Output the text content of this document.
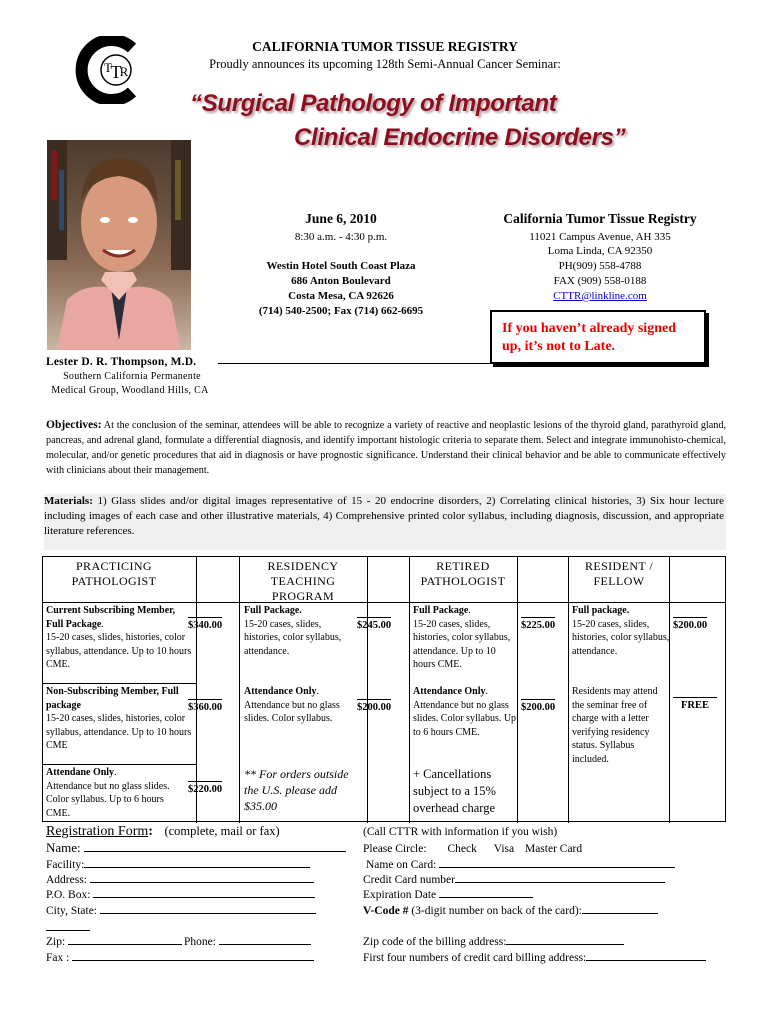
T
T R
CALIFORNIA TUMOR TISSUE REGISTRY
Proudly announces its upcoming 128th Semi-Annual Cancer Seminar:
“Surgical Pathology of Important
Clinical Endocrine Disorders”
June 6, 2010
8:30 a.m. - 4:30 p.m.
Westin Hotel South Coast Plaza
686 Anton Boulevard
Costa Mesa, CA 92626
(714) 540-2500; Fax (714) 662-6695
California Tumor Tissue Registry
11021 Campus Avenue, AH 335
Loma Linda, CA 92350
PH(909) 558-4788
FAX (909) 558-0188
CTTR@linkline.com
If you haven’t already signed up, it’s not to Late.
Lester D. R. Thompson, M.D.
Southern California Permanente
Medical Group, Woodland Hills, CA
Objectives: At the conclusion of the seminar, attendees will be able to recognize a variety of reactive and neoplastic lesions of the thyroid gland, parathyroid gland, pancreas, and adrenal gland, formulate a differential diagnosis, and identify important histologic criteria to separate them. Select and integrate immunohisto-chemical, molecular, and/or genetic procedures that aid in diagnosis or have prognostic significance. Understand their clinical behavior and be able to communicate effectively with clinicians about their management.
Materials: 1) Glass slides and/or digital images representative of 15 - 20 endocrine disorders, 2) Correlating clinical histories, 3) Six hour lecture including images of each case and other illustrative materials, 4) Comprehensive printed color syllabus, including diagnosis, discussion, and appropriate literature references.
PRACTICING PATHOLOGIST
RESIDENCY TEACHING PROGRAM
RETIRED PATHOLOGIST
RESIDENT / FELLOW
Current Subscribing Member, Full Package.
15-20 cases, slides, histories, color syllabus, attendance. Up to 10 hours CME.
$340.00
Non-Subscribing Member, Full package
15-20 cases, slides, histories, color syllabus, attendance. Up to 10 hours CME
$360.00
Attendane Only.
Attendance but no glass slides. Color syllabus. Up to 6 hours CME.
$220.00
Full Package.
15-20 cases, slides, histories, color syllabus, attendance.
$245.00
Attendance Only.
Attendance but no glass slides. Color syllabus.
$200.00
** For orders outside the U.S. please add $35.00
Full Package.
15-20 cases, slides, histories, color syllabus, attendance. Up to 10 hours CME.
$225.00
Attendance Only.
Attendance but no glass slides. Color syllabus. Up to 6 hours CME.
$200.00
+ Cancellations subject to a 15% overhead charge
Full package.
15-20 cases, slides, histories, color syllabus, attendance.
$200.00
Residents may attend the seminar free of charge with a letter verifying residency status. Syllabus included.
FREE
Registration Form: (complete, mail or fax)
Name:
Facility:
Address:
P.O. Box:
City, State:
Zip:	Phone:
Fax :
(Call CTTR with information if you wish)
Please Circle: Check Visa Master Card
Name on Card:
Credit Card number
Expiration Date
V-Code # (3-digit number on back of the card):
Zip code of the billing address:
First four numbers of credit card billing address:
